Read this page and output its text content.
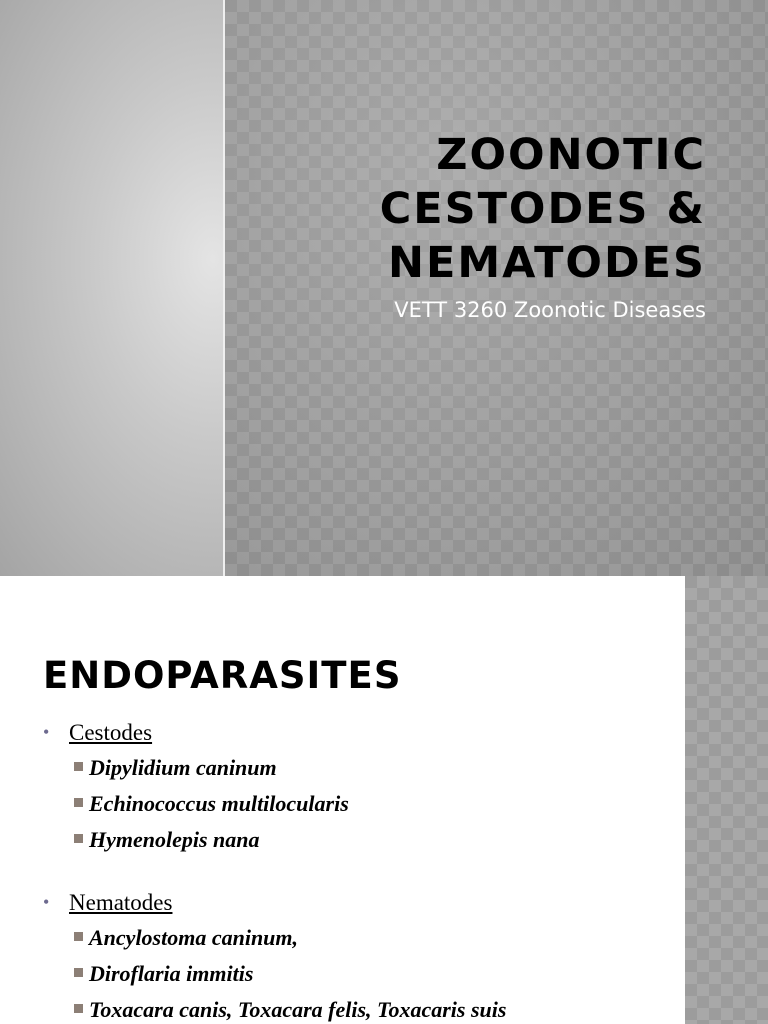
ZOONOTIC CESTODES & NEMATODES

VETT 3260 Zoonotic Diseases

ENDOPARASITES
• Cestodes
Dipylidium caninum
Echinococcus multilocularis
Hymenolepis nana
• Nematodes
Ancylostoma caninum,
Diroflaria immitis
Toxacara canis, Toxacara felis, Toxacaris suis
